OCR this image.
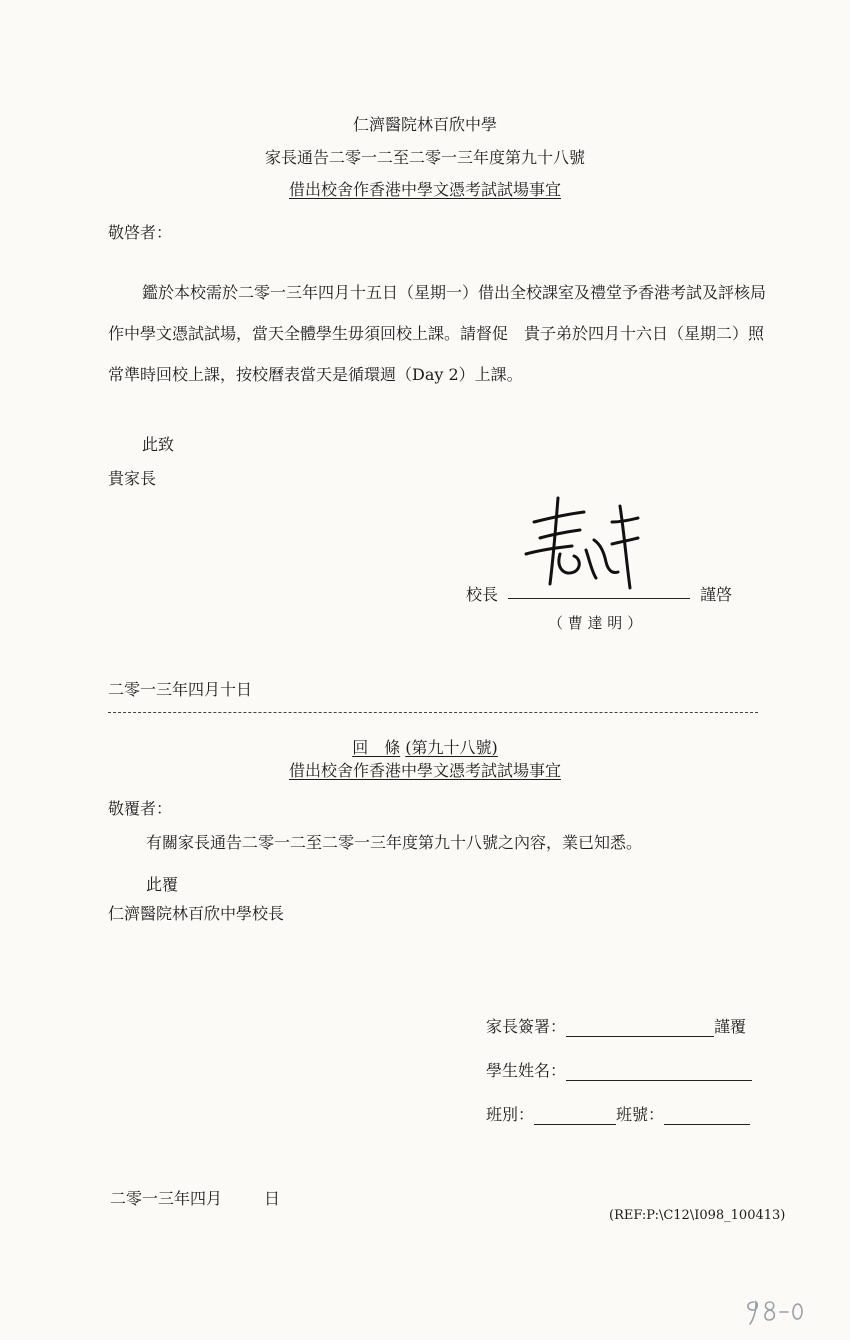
仁濟醫院林百欣中學
家長通告二零一二至二零一三年度第九十八號
借出校舍作香港中學文憑考試試場事宜
敬啓者：
鑑於本校需於二零一三年四月十五日（星期一）借出全校課室及禮堂予香港考試及評核局作中學文憑試試場，當天全體學生毋須回校上課。請督促　貴子弟於四月十六日（星期二）照常準時回校上課，按校曆表當天是循環週（Day 2）上課。
此致
貴家長
校長	謹啓
（ 曹 達 明 ）
二零一三年四月十日
回　條 (第九十八號)
借出校舍作香港中學文憑考試試場事宜
敬覆者：
有關家長通告二零一二至二零一三年度第九十八號之內容，業已知悉。
此覆
仁濟醫院林百欣中學校長
家長簽署：	謹覆
學生姓名：
班別：	班號：
二零一三年四月	日
(REF:P:\C12\I098_100413)
